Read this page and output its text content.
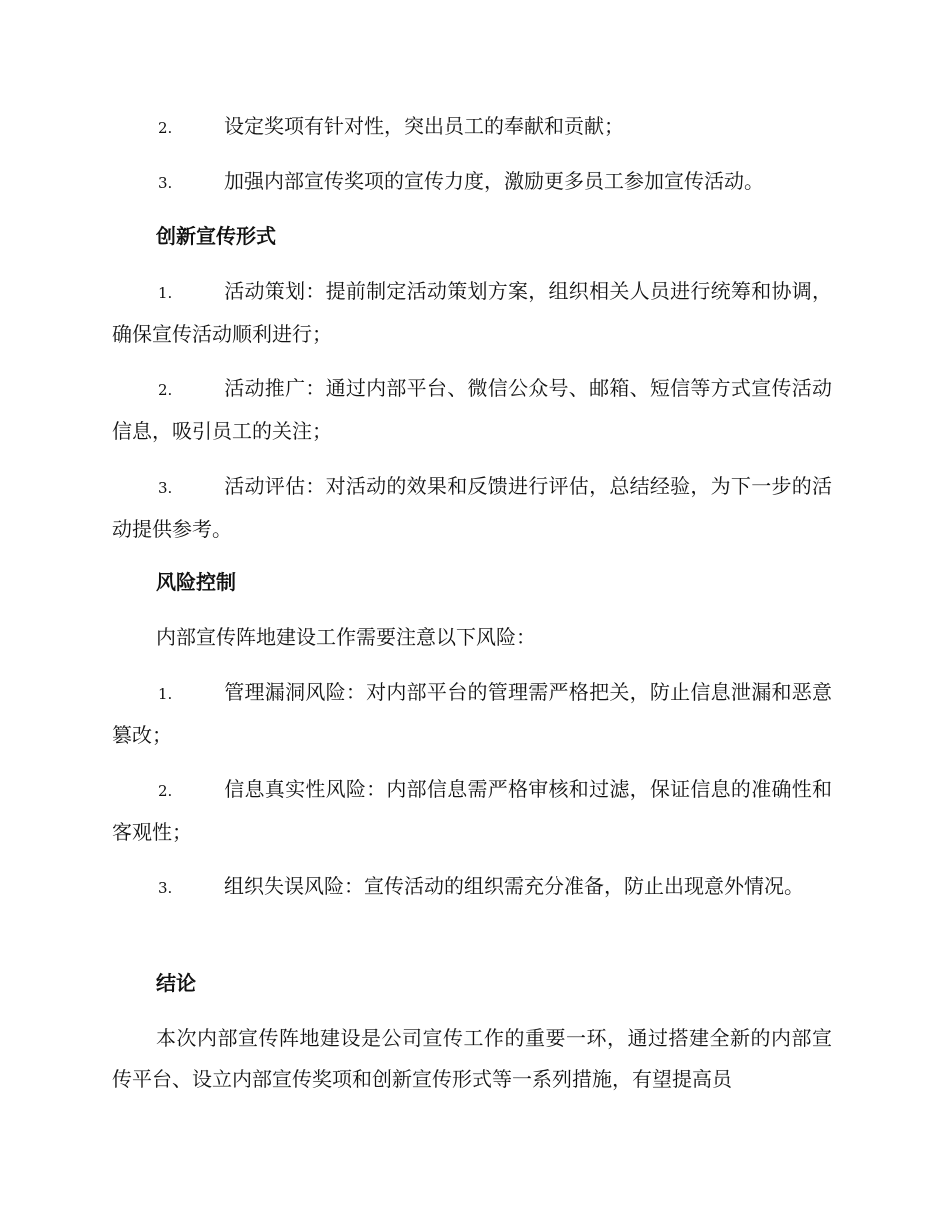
2.	设定奖项有针对性，突出员工的奉献和贡献；
3.	加强内部宣传奖项的宣传力度，激励更多员工参加宣传活动。
创新宣传形式
1.	活动策划：提前制定活动策划方案，组织相关人员进行统筹和协调，确保宣传活动顺利进行；
2.	活动推广：通过内部平台、微信公众号、邮箱、短信等方式宣传活动信息，吸引员工的关注；
3.	活动评估：对活动的效果和反馈进行评估，总结经验，为下一步的活动提供参考。
风险控制
内部宣传阵地建设工作需要注意以下风险：
1.	管理漏洞风险：对内部平台的管理需严格把关，防止信息泄漏和恶意篡改；
2.	信息真实性风险：内部信息需严格审核和过滤，保证信息的准确性和客观性；
3.	组织失误风险：宣传活动的组织需充分准备，防止出现意外情况。
结论
本次内部宣传阵地建设是公司宣传工作的重要一环，通过搭建全新的内部宣传平台、设立内部宣传奖项和创新宣传形式等一系列措施，有望提高员
